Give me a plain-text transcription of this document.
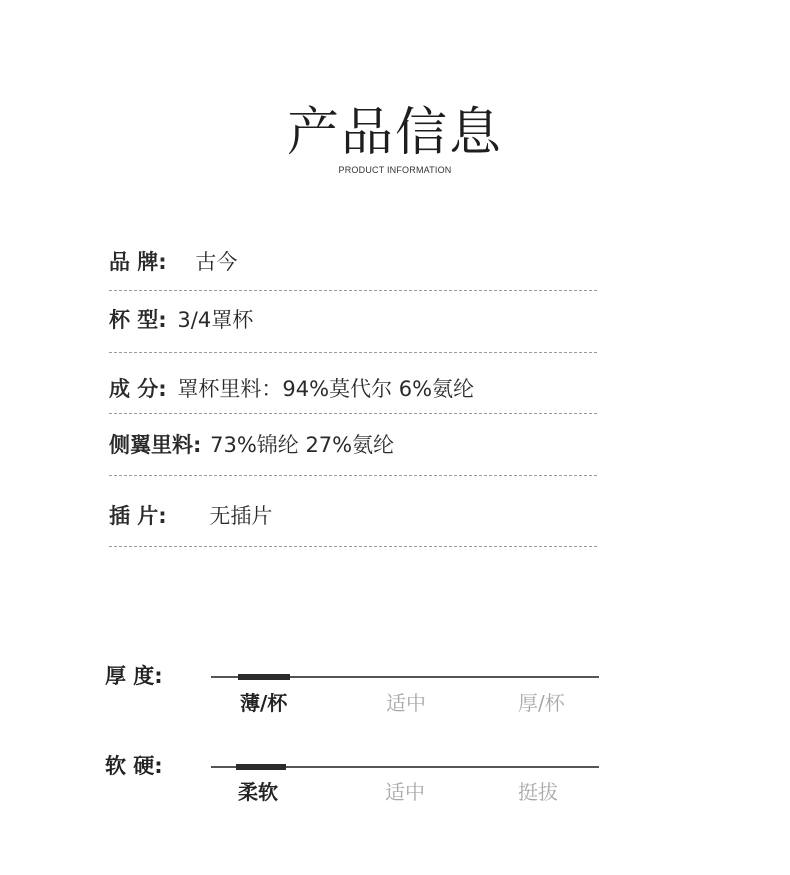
产品信息
PRODUCT INFORMATION
品 牌: 古今
杯 型: 3/4罩杯
成 分: 罩杯里料：94%莫代尔 6%氨纶
侧翼里料: 73%锦纶 27%氨纶
插 片: 无插片
厚 度:
薄/杯	适中	厚/杯
软 硬:
柔软	适中	挺拔
